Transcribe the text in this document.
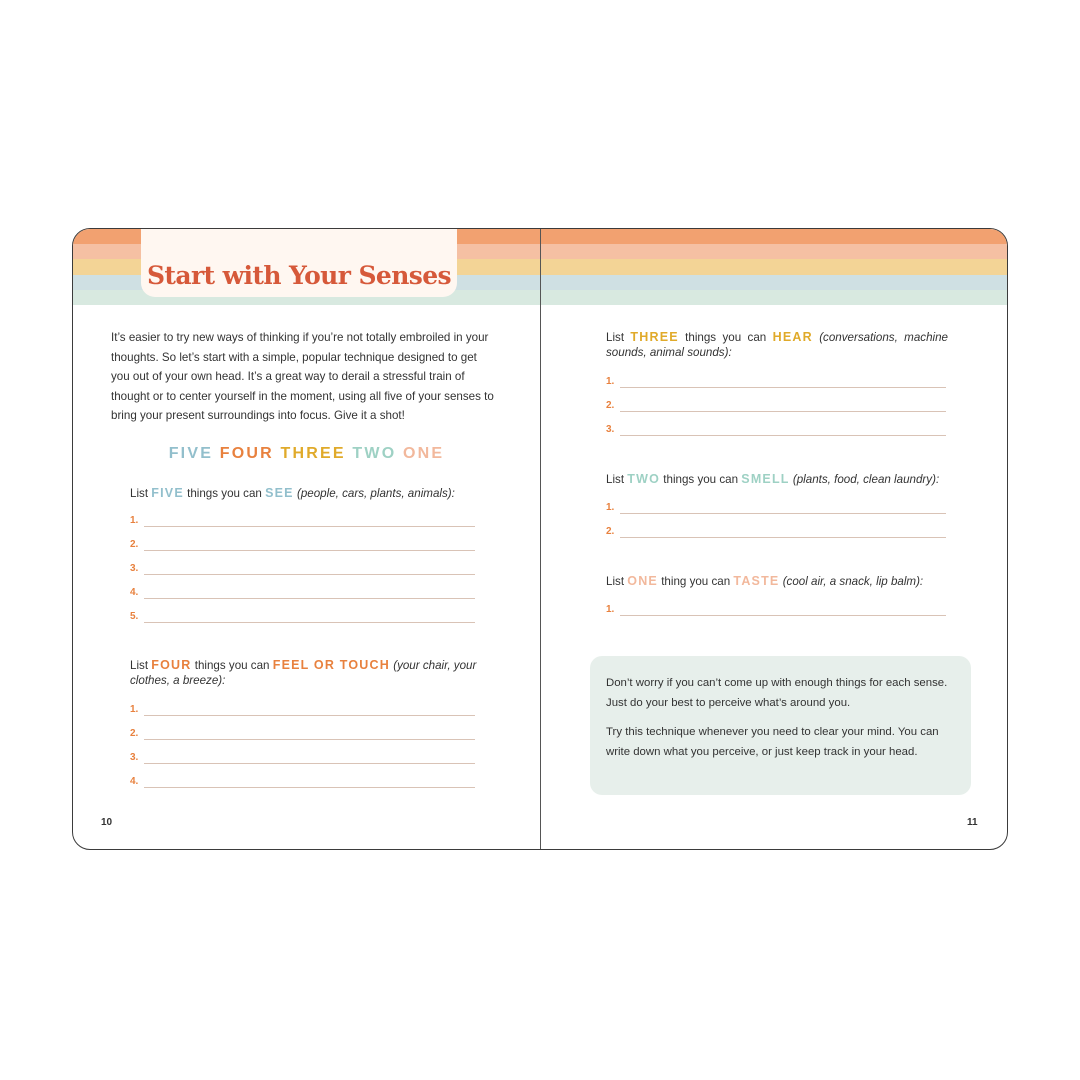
Start with Your Senses

It’s easier to try new ways of thinking if you’re not totally embroiled in your thoughts. So let’s start with a simple, popular technique designed to get you out of your own head. It’s a great way to derail a stressful train of thought or to center yourself in the moment, using all five of your senses to bring your present surroundings into focus. Give it a shot!

FIVE FOUR THREE TWO ONE

List FIVE things you can SEE (people, cars, plants, animals):

1.
2.
3.
4.
5.

List FOUR things you can FEEL OR TOUCH (your chair, your clothes, a breeze):

1.
2.
3.
4.
10

List THREE things you can HEAR (conversations, machine sounds, animal sounds):

1.
2.
3.

List TWO things you can SMELL (plants, food, clean laundry):

1.
2.

List ONE thing you can TASTE (cool air, a snack, lip balm):

1.

Don’t worry if you can’t come up with enough things for each sense. Just do your best to perceive what’s around you.

Try this technique whenever you need to clear your mind. You can write down what you perceive, or just keep track in your head.

11
